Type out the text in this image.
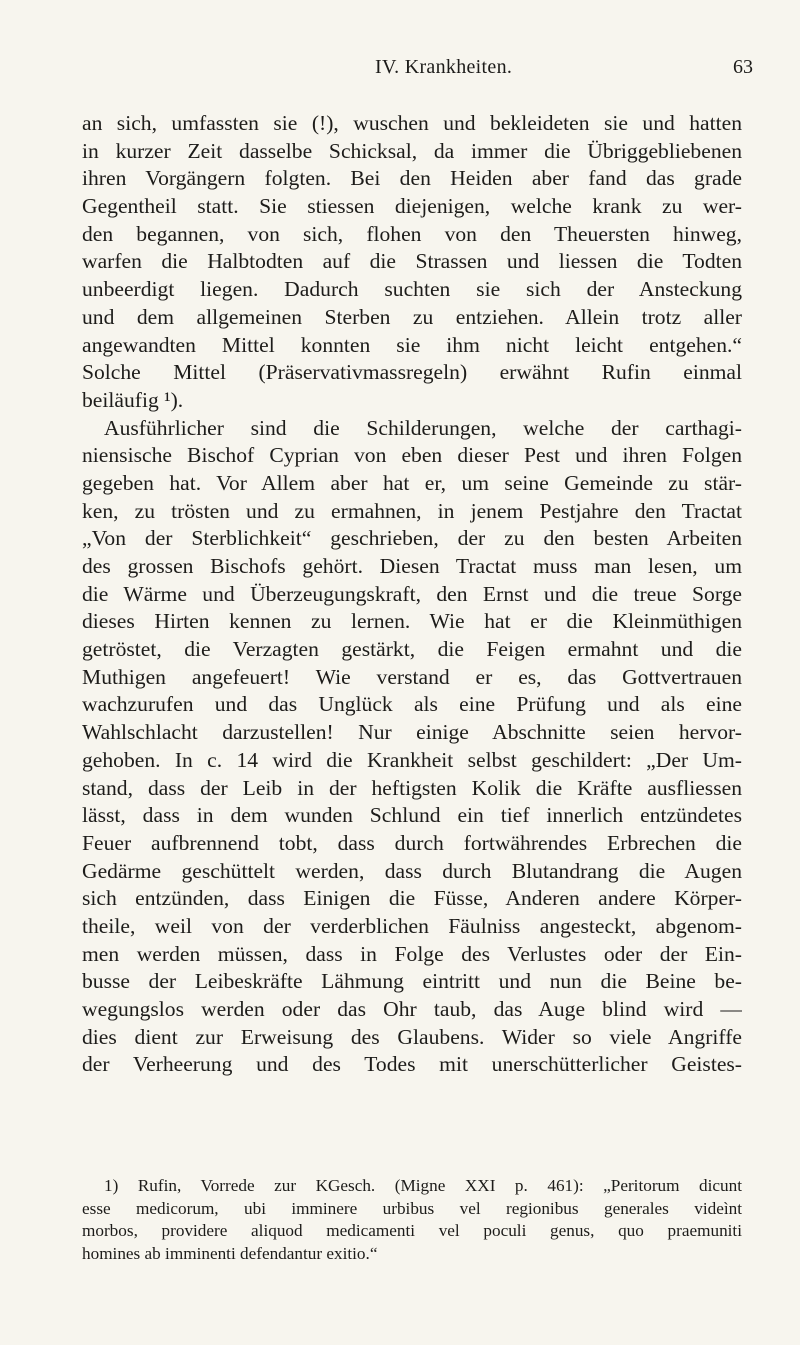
IV. Krankheiten.	63
an sich, umfassten sie (!), wuschen und bekleideten sie und hatten
in kurzer Zeit dasselbe Schicksal, da immer die Übriggebliebenen
ihren Vorgängern folgten. Bei den Heiden aber fand das grade
Gegentheil statt. Sie stiessen diejenigen, welche krank zu wer-
den begannen, von sich, flohen von den Theuersten hinweg,
warfen die Halbtodten auf die Strassen und liessen die Todten
unbeerdigt liegen. Dadurch suchten sie sich der Ansteckung
und dem allgemeinen Sterben zu entziehen. Allein trotz aller
angewandten Mittel konnten sie ihm nicht leicht entgehen.“
Solche Mittel (Präservativmassregeln) erwähnt Rufin einmal
beiläufig ¹).
Ausführlicher sind die Schilderungen, welche der carthagi-
niensische Bischof Cyprian von eben dieser Pest und ihren Folgen
gegeben hat. Vor Allem aber hat er, um seine Gemeinde zu stär-
ken, zu trösten und zu ermahnen, in jenem Pestjahre den Tractat
„Von der Sterblichkeit“ geschrieben, der zu den besten Arbeiten
des grossen Bischofs gehört. Diesen Tractat muss man lesen, um
die Wärme und Überzeugungskraft, den Ernst und die treue Sorge
dieses Hirten kennen zu lernen. Wie hat er die Kleinmüthigen
getröstet, die Verzagten gestärkt, die Feigen ermahnt und die
Muthigen angefeuert! Wie verstand er es, das Gottvertrauen
wachzurufen und das Unglück als eine Prüfung und als eine
Wahlschlacht darzustellen! Nur einige Abschnitte seien hervor-
gehoben. In c. 14 wird die Krankheit selbst geschildert: „Der Um-
stand, dass der Leib in der heftigsten Kolik die Kräfte ausfliessen
lässt, dass in dem wunden Schlund ein tief innerlich entzündetes
Feuer aufbrennend tobt, dass durch fortwährendes Erbrechen die
Gedärme geschüttelt werden, dass durch Blutandrang die Augen
sich entzünden, dass Einigen die Füsse, Anderen andere Körper-
theile, weil von der verderblichen Fäulniss angesteckt, abgenom-
men werden müssen, dass in Folge des Verlustes oder der Ein-
busse der Leibeskräfte Lähmung eintritt und nun die Beine be-
wegungslos werden oder das Ohr taub, das Auge blind wird —
dies dient zur Erweisung des Glaubens. Wider so viele Angriffe
der Verheerung und des Todes mit unerschütterlicher Geistes-
1) Rufin, Vorrede zur KGesch. (Migne XXI p. 461): „Peritorum dicunt
esse medicorum, ubi imminere urbibus vel regionibus generales videìnt
morbos, providere aliquod medicamenti vel poculi genus, quo praemuniti
homines ab imminenti defendantur exitio.“
